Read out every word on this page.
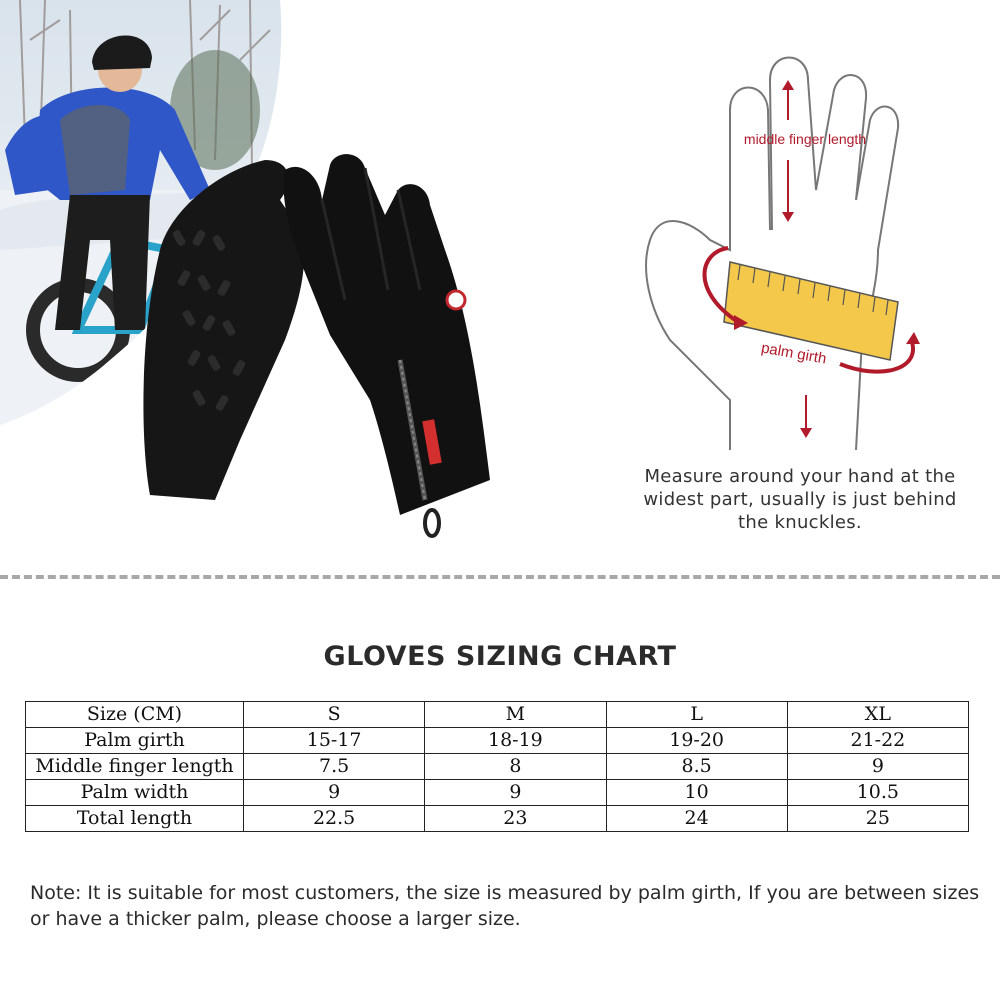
middle finger length
palm girth
Measure around your hand at the widest part, usually is just behind the knuckles.
GLOVES SIZING CHART
Size (CM)	S	M	L	XL
Palm girth	15-17	18-19	19-20	21-22
Middle finger length	7.5	8	8.5	9
Palm width	9	9	10	10.5
Total length	22.5	23	24	25
Note: It is suitable for most customers, the size is measured by palm girth, If you are between sizes or have a thicker palm, please choose a larger size.
